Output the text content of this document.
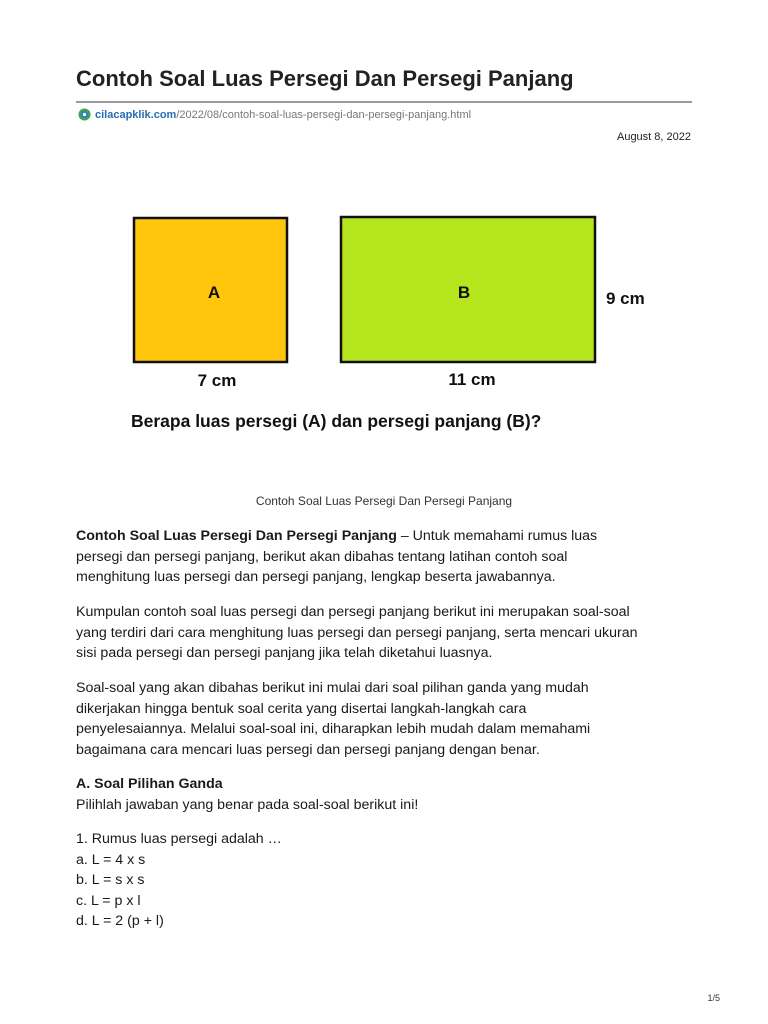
Contoh Soal Luas Persegi Dan Persegi Panjang
cilacapklik.com /2022/08/contoh-soal-luas-persegi-dan-persegi-panjang.html
August 8, 2022
A	B
7 cm	11 cm
9 cm
Berapa luas persegi (A) dan persegi panjang (B)?
Contoh Soal Luas Persegi Dan Persegi Panjang

Contoh Soal Luas Persegi Dan Persegi Panjang – Untuk memahami rumus luas
persegi dan persegi panjang, berikut akan dibahas tentang latihan contoh soal
menghitung luas persegi dan persegi panjang, lengkap beserta jawabannya.

Kumpulan contoh soal luas persegi dan persegi panjang berikut ini merupakan soal-soal
yang terdiri dari cara menghitung luas persegi dan persegi panjang, serta mencari ukuran
sisi pada persegi dan persegi panjang jika telah diketahui luasnya.

Soal-soal yang akan dibahas berikut ini mulai dari soal pilihan ganda yang mudah
dikerjakan hingga bentuk soal cerita yang disertai langkah-langkah cara
penyelesaiannya. Melalui soal-soal ini, diharapkan lebih mudah dalam memahami
bagaimana cara mencari luas persegi dan persegi panjang dengan benar.

A. Soal Pilihan Ganda
Pilihlah jawaban yang benar pada soal-soal berikut ini!

1. Rumus luas persegi adalah …
a. L = 4 x s
b. L = s x s
c. L = p x l
d. L = 2 (p + l)

1/5
